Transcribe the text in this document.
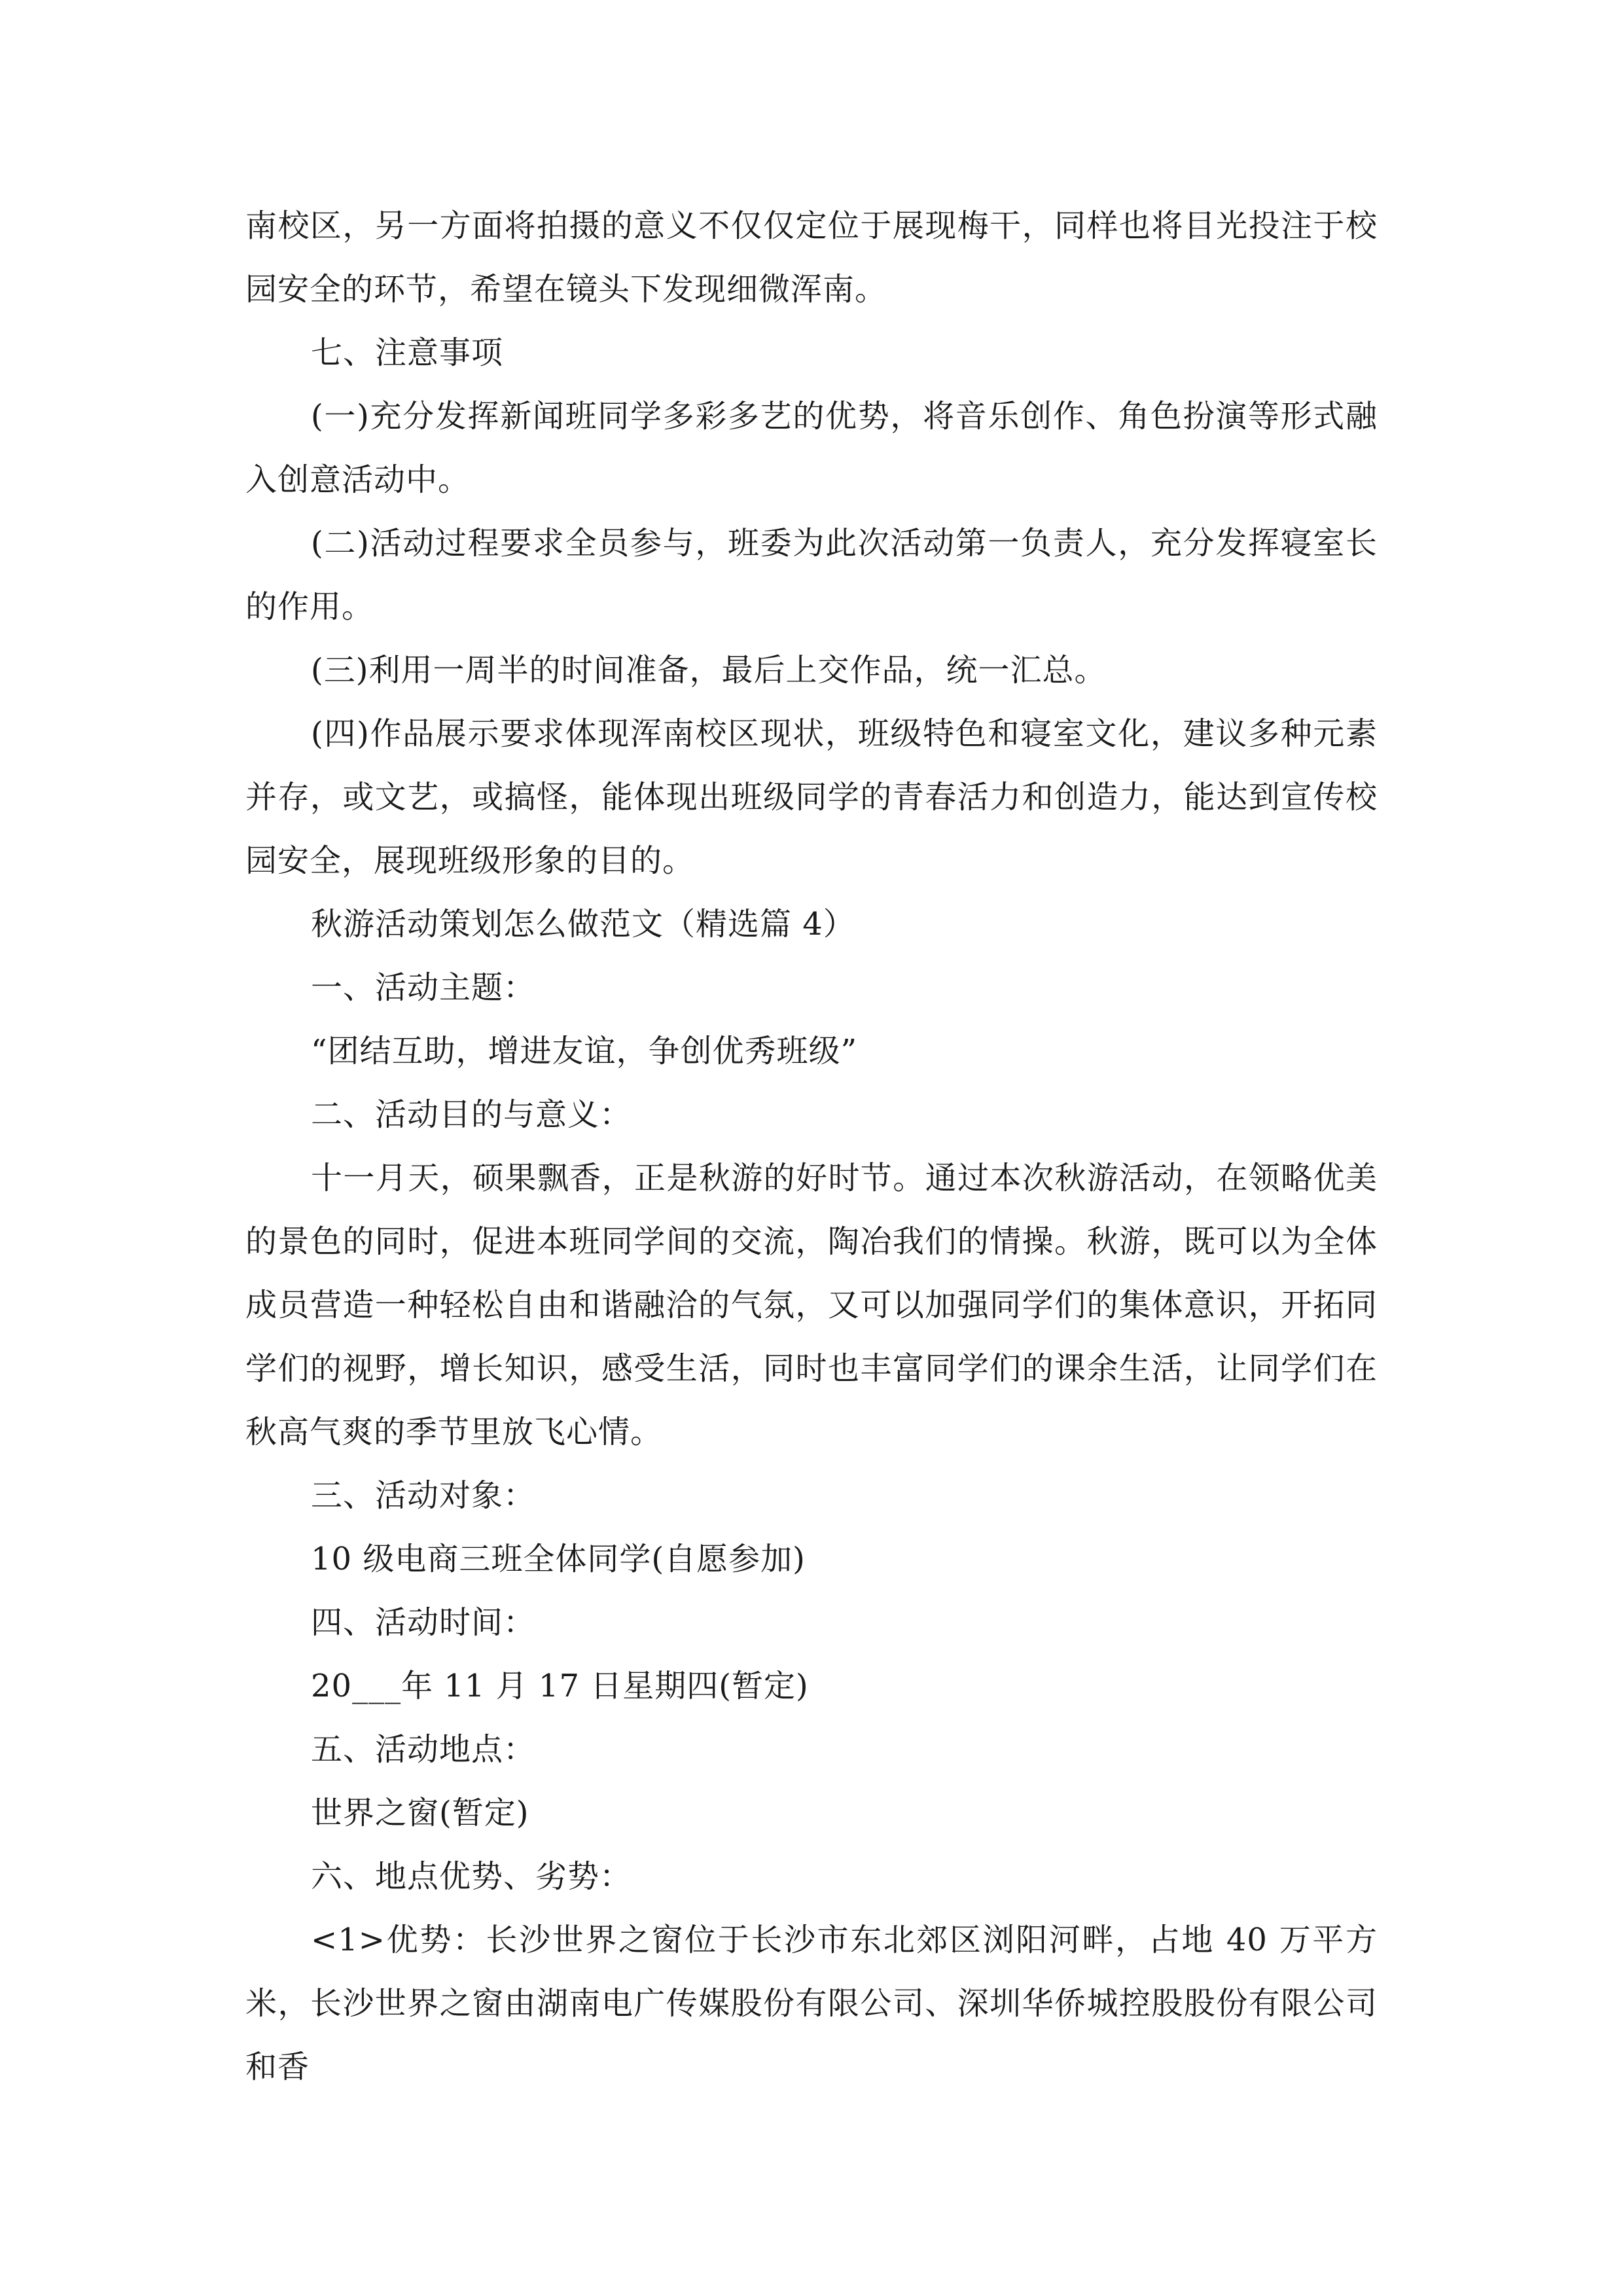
南校区，另一方面将拍摄的意义不仅仅定位于展现梅干，同样也将目光投注于校园安全的环节，希望在镜头下发现细微浑南。

七、注意事项

(一)充分发挥新闻班同学多彩多艺的优势，将音乐创作、角色扮演等形式融入创意活动中。

(二)活动过程要求全员参与，班委为此次活动第一负责人，充分发挥寝室长的作用。

(三)利用一周半的时间准备，最后上交作品，统一汇总。

(四)作品展示要求体现浑南校区现状，班级特色和寝室文化，建议多种元素并存，或文艺，或搞怪，能体现出班级同学的青春活力和创造力，能达到宣传校园安全，展现班级形象的目的。

秋游活动策划怎么做范文（精选篇 4）

一、活动主题：

“团结互助，增进友谊，争创优秀班级”

二、活动目的与意义：

十一月天，硕果飘香，正是秋游的好时节。通过本次秋游活动，在领略优美的景色的同时，促进本班同学间的交流，陶冶我们的情操。秋游，既可以为全体成员营造一种轻松自由和谐融洽的气氛，又可以加强同学们的集体意识，开拓同学们的视野，增长知识，感受生活，同时也丰富同学们的课余生活，让同学们在秋高气爽的季节里放飞心情。

三、活动对象：

10 级电商三班全体同学(自愿参加)

四、活动时间：

20___年 11 月 17 日星期四(暂定)

五、活动地点：

世界之窗(暂定)

六、地点优势、劣势：

<1>优势：长沙世界之窗位于长沙市东北郊区浏阳河畔，占地 40 万平方米，长沙世界之窗由湖南电广传媒股份有限公司、深圳华侨城控股股份有限公司和香
